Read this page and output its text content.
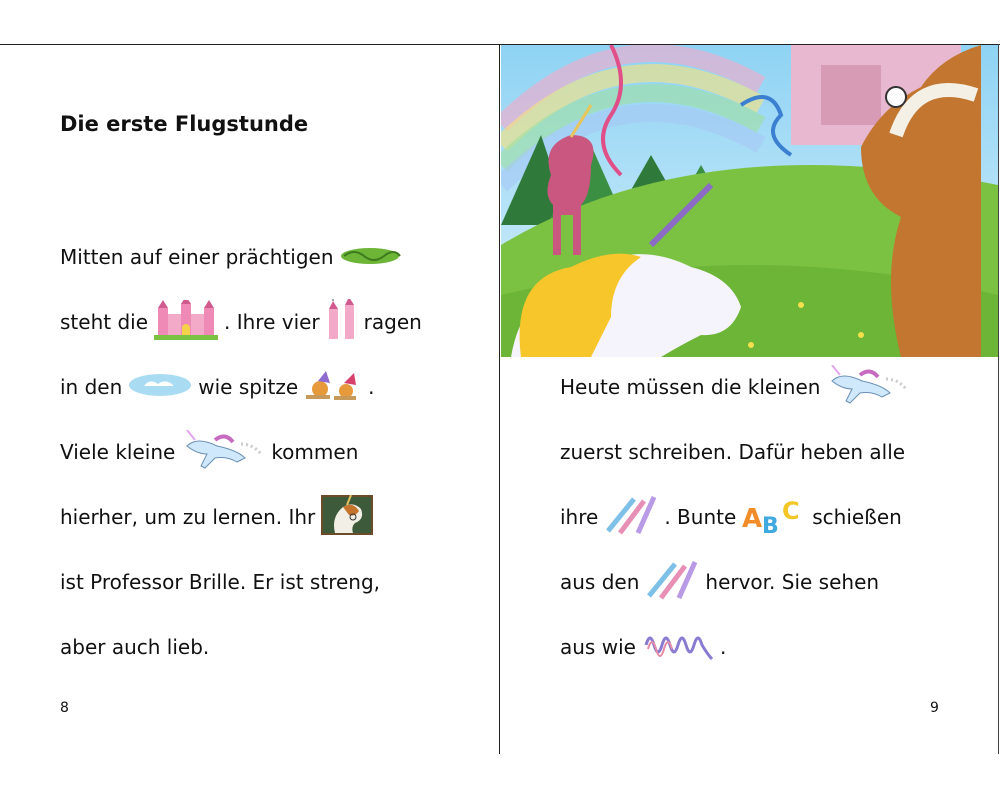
Die erste Flugstunde
Mitten auf einer prächtigen
steht die	. Ihre vier ragen
in den	wie spitze	.
Viele kleine	kommen
hierher, um zu lernen. Ihr
ist Professor Brille. Er ist streng,
aber auch lieb.
8
Heute müssen die kleinen
zuerst schreiben. Dafür heben alle
ihre	. Bunte A B
C schießen
aus den	hervor. Sie sehen
aus wie	.
9
